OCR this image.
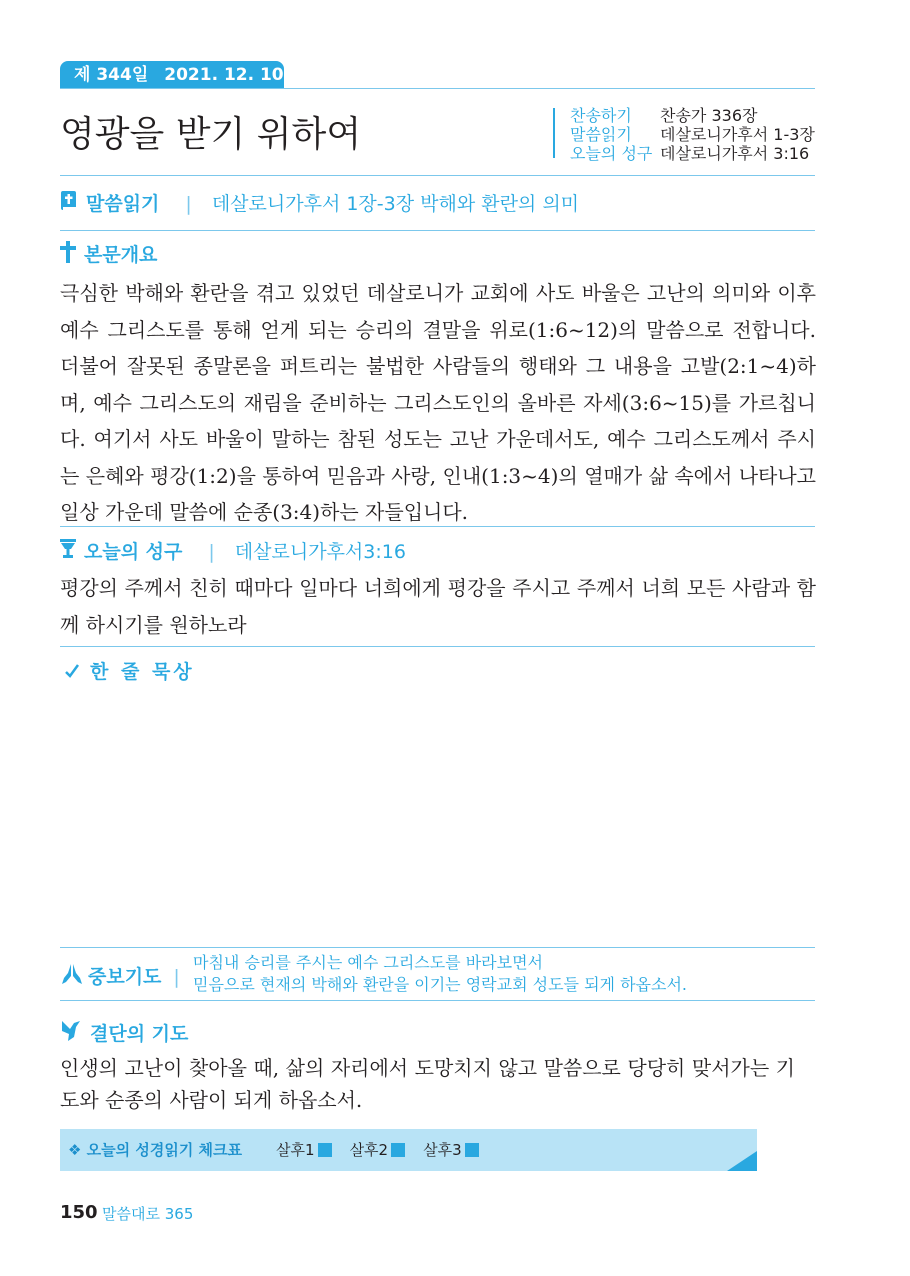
제 344일 2021. 12. 10. 금
영광을 받기 위하여	찬송하기 찬송가 336장
말씀읽기 데살로니가후서 1-3장
오늘의 성구 데살로니가후서 3:16
말씀읽기 | 데살로니가후서 1장-3장 박해와 환란의 의미
본문개요
극심한 박해와 환란을 겪고 있었던 데살로니가 교회에 사도 바울은 고난의 의미와 이후 예수 그리스도를 통해 얻게 되는 승리의 결말을 위로(1:6~12)의 말씀으로 전합니다. 더불어 잘못된 종말론을 퍼트리는 불법한 사람들의 행태와 그 내용을 고발(2:1~4)하며, 예수 그리스도의 재림을 준비하는 그리스도인의 올바른 자세(3:6~15)를 가르칩니다. 여기서 사도 바울이 말하는 참된 성도는 고난 가운데서도, 예수 그리스도께서 주시는 은혜와 평강(1:2)을 통하여 믿음과 사랑, 인내(1:3~4)의 열매가 삶 속에서 나타나고 일상 가운데 말씀에 순종(3:4)하는 자들입니다.
오늘의 성구 | 데살로니가후서3:16
평강의 주께서 친히 때마다 일마다 너희에게 평강을 주시고 주께서 너희 모든 사람과 함께 하시기를 원하노라
한 줄 묵상
중보기도 |
마침내 승리를 주시는 예수 그리스도를 바라보면서
믿음으로 현재의 박해와 환란을 이기는 영락교회 성도들 되게 하옵소서.
결단의 기도
인생의 고난이 찾아올 때, 삶의 자리에서 도망치지 않고 말씀으로 당당히 맞서가는 기도와 순종의 사람이 되게 하옵소서.
❖ 오늘의 성경읽기 체크표 살후1 살후2 살후3
150 말씀대로 365
